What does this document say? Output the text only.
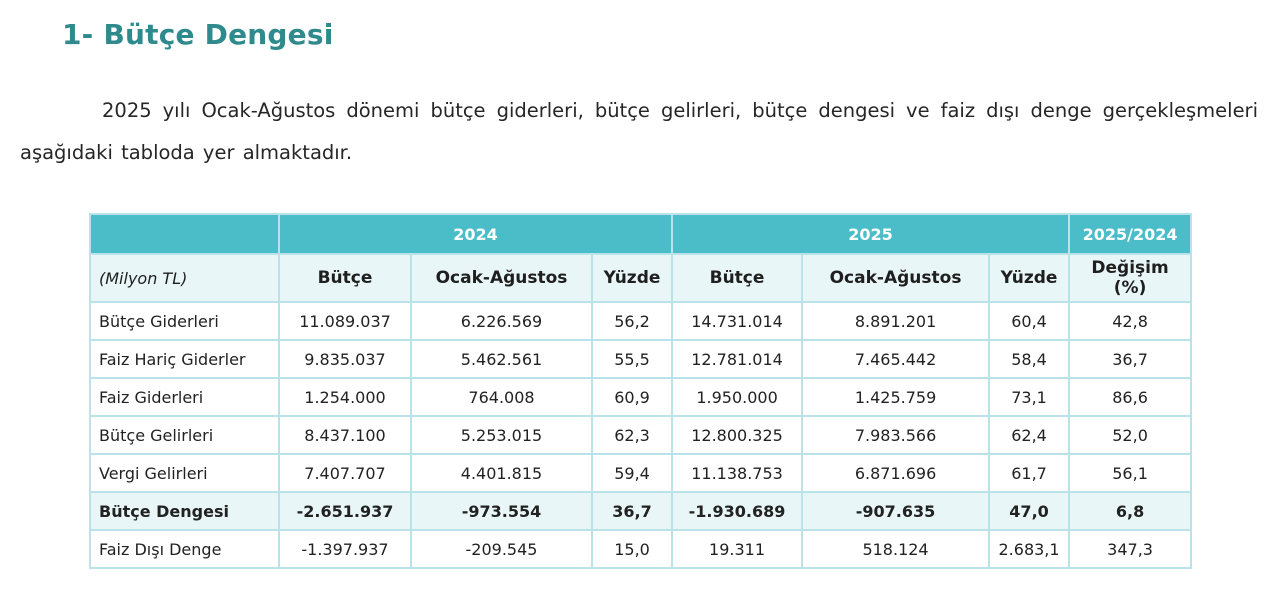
1- Bütçe Dengesi

2025 yılı Ocak-Ağustos dönemi bütçe giderleri, bütçe gelirleri, bütçe dengesi ve faiz dışı denge gerçekleşmeleri aşağıdaki tabloda yer almaktadır.

	2024			2025			2025/2024
(Milyon TL)	Bütçe	Ocak-Ağustos	Yüzde	Bütçe	Ocak-Ağustos	Yüzde	Değişim
(%)
Bütçe Giderleri	11.089.037	6.226.569	56,2	14.731.014	8.891.201	60,4	42,8
Faiz Hariç Giderler	9.835.037	5.462.561	55,5	12.781.014	7.465.442	58,4	36,7
Faiz Giderleri	1.254.000	764.008	60,9	1.950.000	1.425.759	73,1	86,6
Bütçe Gelirleri	8.437.100	5.253.015	62,3	12.800.325	7.983.566	62,4	52,0
Vergi Gelirleri	7.407.707	4.401.815	59,4	11.138.753	6.871.696	61,7	56,1
Bütçe Dengesi	-2.651.937	-973.554	36,7	-1.930.689	-907.635	47,0	6,8
Faiz Dışı Denge	-1.397.937	-209.545	15,0	19.311	518.124	2.683,1	347,3
